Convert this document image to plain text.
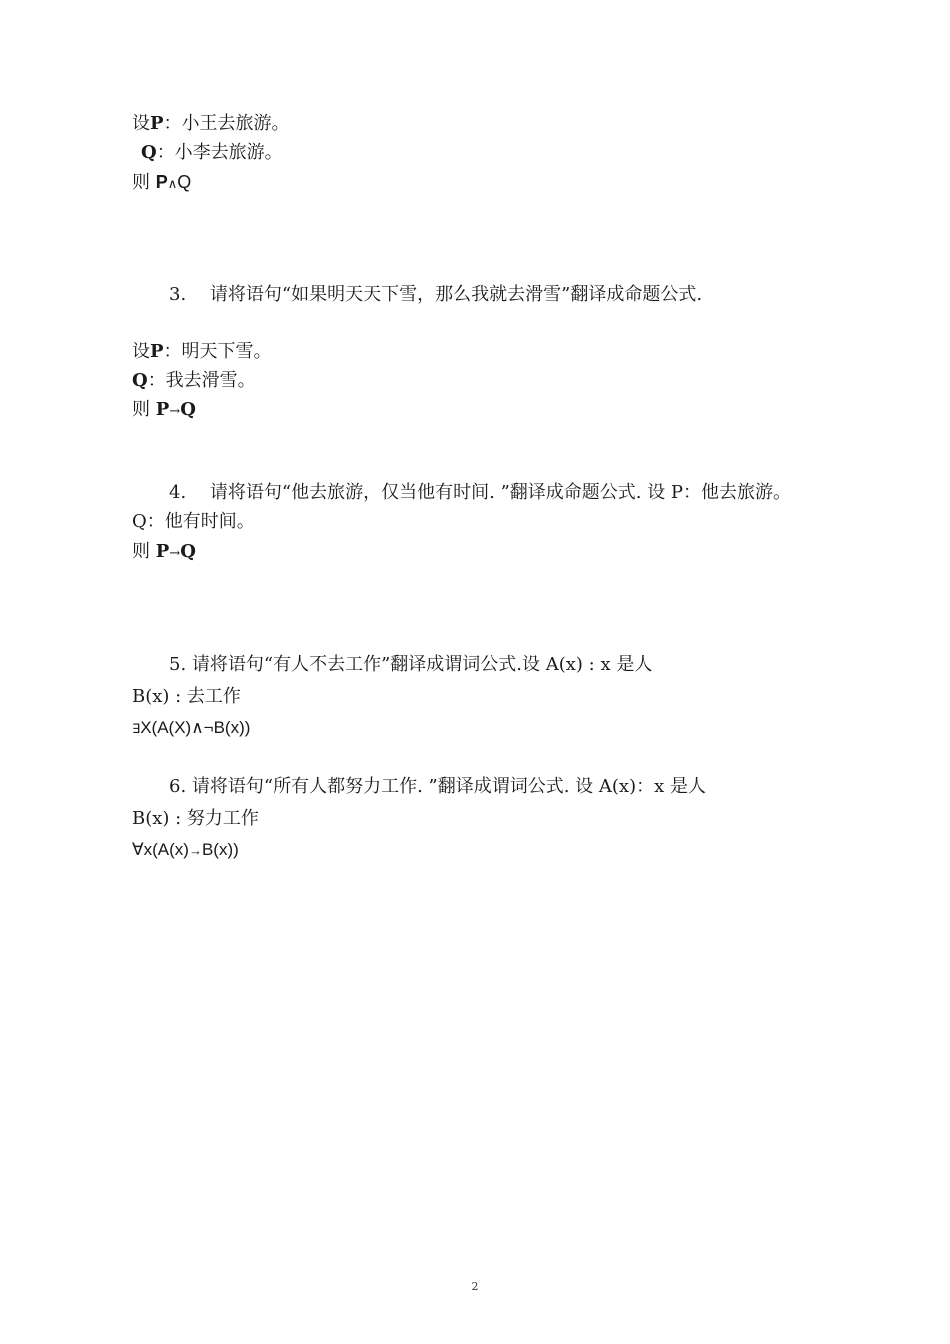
设P：小王去旅游。
Q：小李去旅游。
则 P∧Q
3. 请将语句“如果明天天下雪，那么我就去滑雪”翻译成命题公式.
设P：明天下雪。
Q：我去滑雪。
则 P→Q
4. 请将语句“他去旅游，仅当他有时间. ”翻译成命题公式. 设 P：他去旅游。
Q：他有时间。
则 P→Q
5. 请将语句“有人不去工作”翻译成谓词公式.设 A(x) : x 是人
B(x) : 去工作
∃X(A(X)∧¬B(x))
6. 请将语句“所有人都努力工作. ”翻译成谓词公式. 设 A(x)：x 是人
B(x) : 努力工作
∀x(A(x)→B(x))
2
